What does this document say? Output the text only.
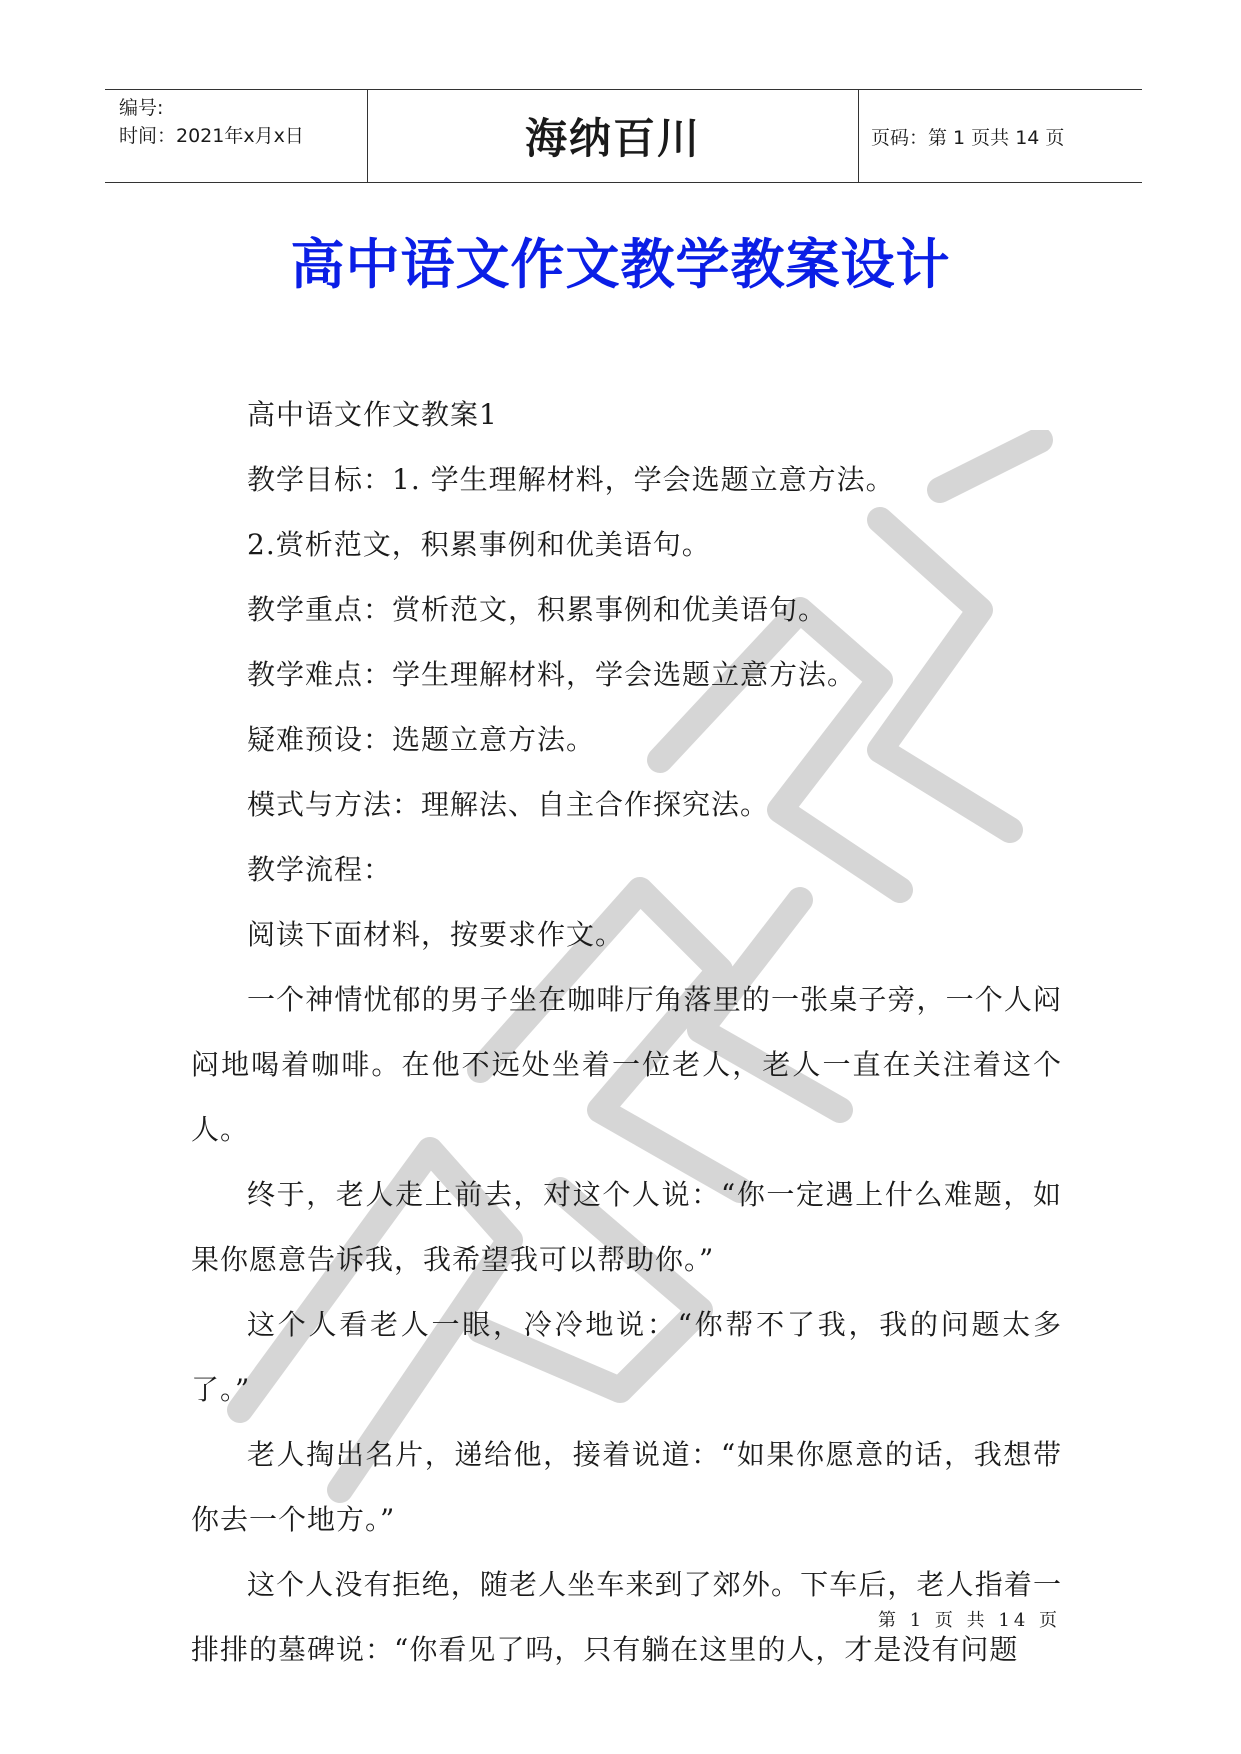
编号:
时间：2021年x月x日	海纳百川	页码：第 1 页共 14 页
高中语文作文教学教案设计

高中语文作文教案1

教学目标：1. 学生理解材料，学会选题立意方法。

2.赏析范文，积累事例和优美语句。

教学重点：赏析范文，积累事例和优美语句。

教学难点：学生理解材料，学会选题立意方法。

疑难预设：选题立意方法。

模式与方法：理解法、自主合作探究法。

教学流程：

阅读下面材料，按要求作文。

一个神情忧郁的男子坐在咖啡厅角落里的一张桌子旁，一个人闷闷地喝着咖啡。在他不远处坐着一位老人，老人一直在关注着这个人。

终于，老人走上前去，对这个人说：“你一定遇上什么难题，如果你愿意告诉我，我希望我可以帮助你。”

这个人看老人一眼，冷冷地说：“你帮不了我，我的问题太多了。”

老人掏出名片，递给他，接着说道：“如果你愿意的话，我想带你去一个地方。”

这个人没有拒绝，随老人坐车来到了郊外。下车后，老人指着一排排的墓碑说：“你看见了吗，只有躺在这里的人，才是没有问题

第 1 页 共 14 页
